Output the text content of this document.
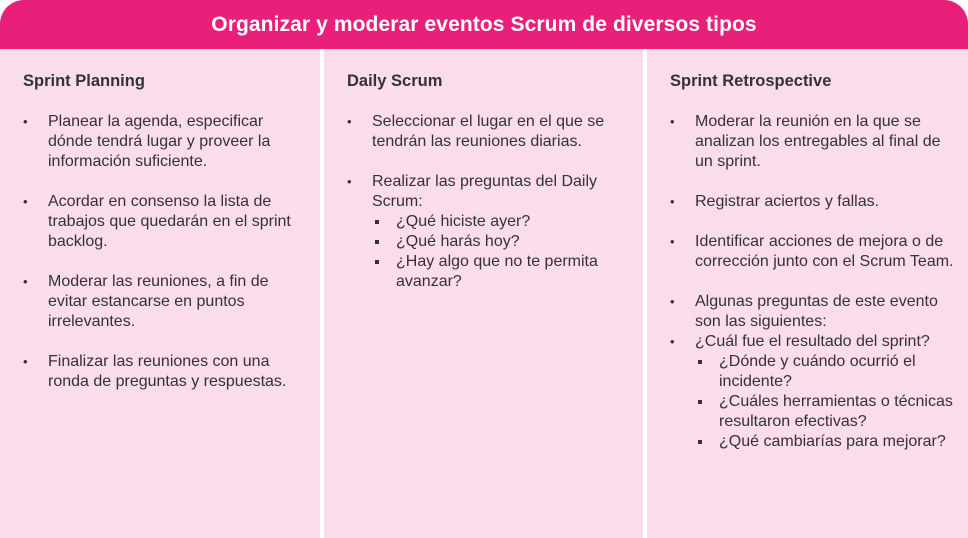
Organizar y moderar eventos Scrum de diversos tipos
Sprint Planning
• Planear la agenda, especificar dónde tendrá lugar y proveer la información suficiente.
• Acordar en consenso la lista de trabajos que quedarán en el sprint backlog.
• Moderar las reuniones, a fin de evitar estancarse en puntos irrelevantes.
• Finalizar las reuniones con una ronda de preguntas y respuestas.
Daily Scrum
• Seleccionar el lugar en el que se tendrán las reuniones diarias.
• Realizar las preguntas del Daily Scrum:
¿Qué hiciste ayer?
¿Qué harás hoy?
¿Hay algo que no te permita avanzar?
Sprint Retrospective
• Moderar la reunión en la que se analizan los entregables al final de un sprint.
• Registrar aciertos y fallas.
• Identificar acciones de mejora o de corrección junto con el Scrum Team.
• Algunas preguntas de este evento son las siguientes:
• ¿Cuál fue el resultado del sprint?
¿Dónde y cuándo ocurrió el incidente?
¿Cuáles herramientas o técnicas resultaron efectivas?
¿Qué cambiarías para mejorar?
